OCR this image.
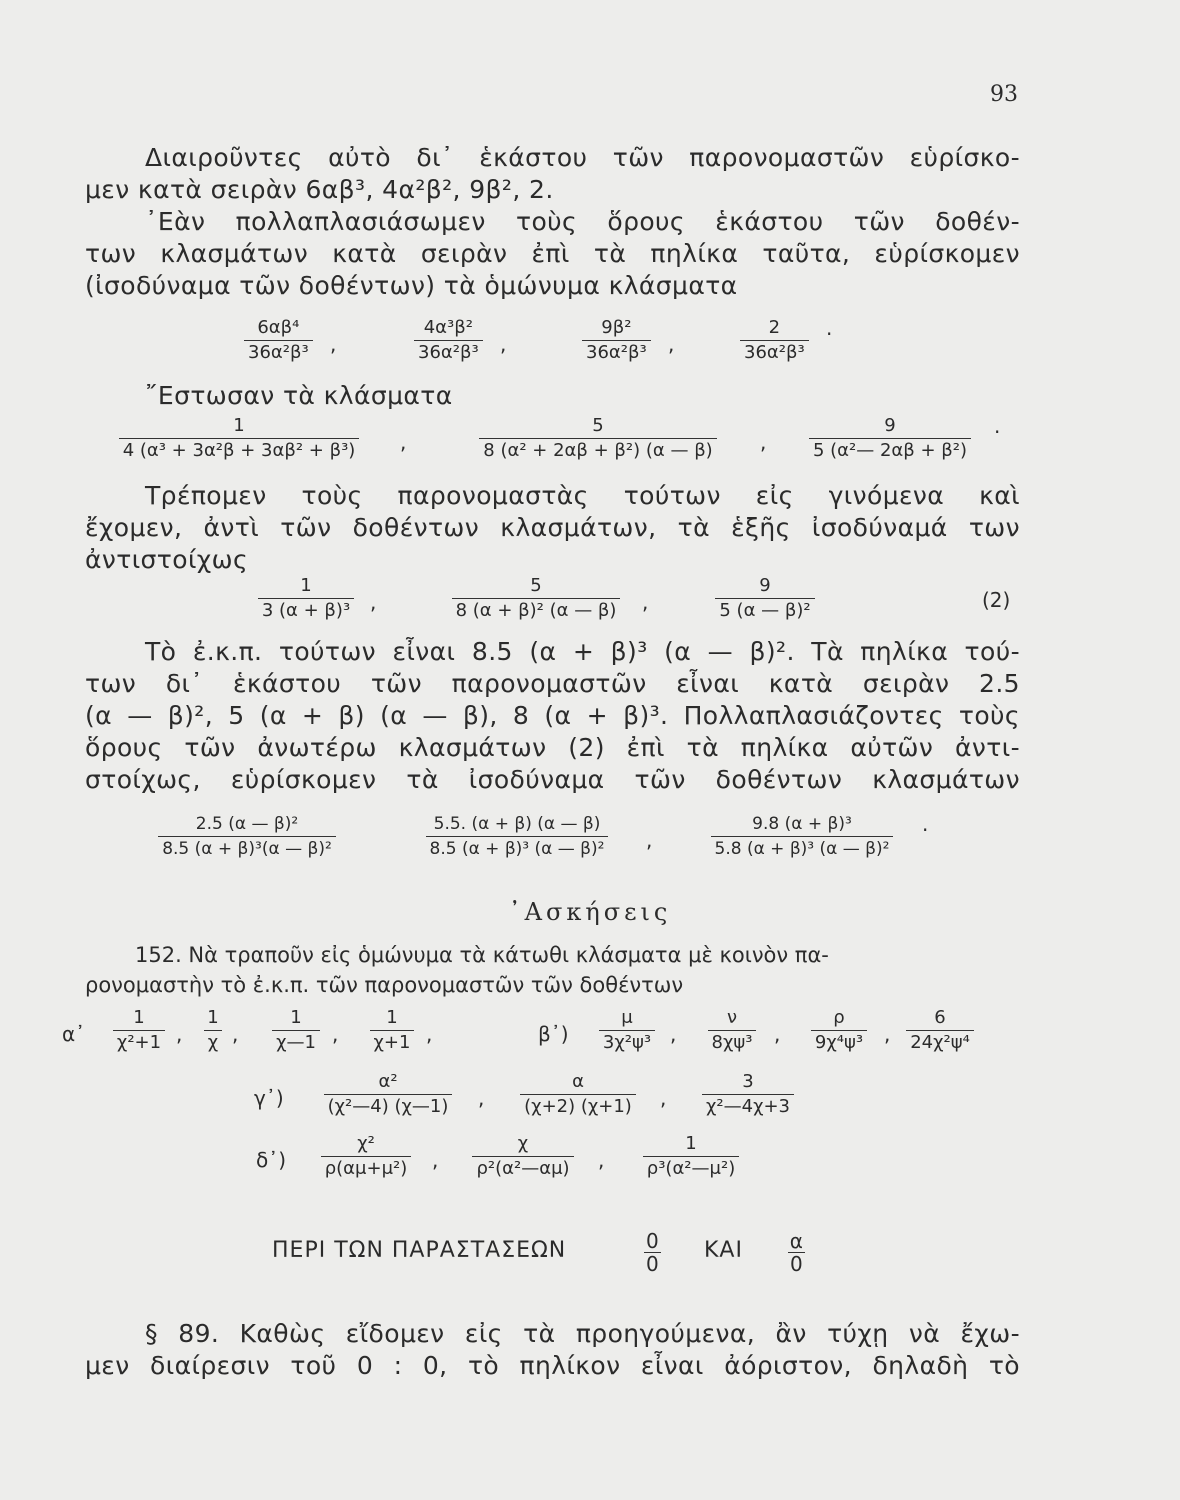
93

Διαιροῦντες αὐτὸ δι᾽ ἑκάστου τῶν παρονομαστῶν εὑρίσκο-

μεν κατὰ σειρὰν 6αβ³, 4α²β², 9β², 2.

᾽Εὰν πολλαπλασιάσωμεν τοὺς ὅρους ἑκάστου τῶν δοθέν-
των κλασμάτων κατὰ σειρὰν ἐπὶ τὰ πηλίκα ταῦτα, εὑρίσκομεν
(ἰσοδύναμα τῶν δοθέντων) τὰ ὁμώνυμα κλάσματα

$\frac{\text{6αβ⁴}}{\text{36α²β³}}$ ,	$\frac{\text{4α³β²}}{\text{36α²β³}}$ ,	$\frac{\text{9β²}}{\text{36α²β³}}$ ,	$\frac{2}{\text{36α²β³}}$ .

῎Εστωσαν τὰ κλάσματα

$\frac{1}{\text{4 (α³ + 3α²β + 3αβ² + β³)}}$ , $\frac{5}{\text{8 (α² + 2αβ + β²) (α — β)}}$ , $\frac{9}{\text{5 (α²— 2αβ + β²)}}$ .

Τρέπομεν τοὺς παρονομαστὰς τούτων εἰς γινόμενα καὶ
ἔχομεν, ἀντὶ τῶν δοθέντων κλασμάτων, τὰ ἑξῆς ἰσοδύναμά των
ἀντιστοίχως

$\frac{1}{\text{3 (α + β)³}}$ ,	$\frac{5}{\text{8 (α + β)² (α — β)}}$ ,	$\frac{9}{\text{5 (α — β)²}}$	(2)

Τὸ ἐ.κ.π. τούτων εἶναι 8.5 (α + β)³ (α — β)². Τὰ πηλίκα τού-
των δι᾽ ἑκάστου τῶν παρονομαστῶν εἶναι κατὰ σειρὰν 2.5
(α — β)², 5 (α + β) (α — β), 8 (α + β)³. Πολλαπλασιάζοντες τοὺς
ὅρους τῶν ἀνωτέρω κλασμάτων (2) ἐπὶ τὰ πηλίκα αὐτῶν ἀντι-
στοίχως, εὑρίσκομεν τὰ ἰσοδύναμα τῶν δοθέντων κλασμάτων

$\frac{\text{2.5 (α — β)²}}{\text{8.5 (α + β)³(α — β)²}} \frac{5.5. (\alpha + \beta) (\alpha — \beta)}{\text{8.5 (α + β)³ (α — β)²}}$ , $\frac{\text{9.8 (α + β)³}}{\text{5.8 (α + β)³ (α — β)²}}$ .
᾽Ασκήσεις

152. Νὰ τραποῦν εἰς ὁμώνυμα τὰ κάτωθι κλάσματα μὲ κοινὸν πα-
ρονομαστὴν τὸ ἐ.κ.π. τῶν παρονομαστῶν τῶν δοθέντων

α᾽ $\frac{1}{\text{χ²+1}}$ , $\frac{1}{\chi}$ , $\frac{1}{\chi—1}$ , $\frac{1}{\chi+1}$ ,	β᾽) $\frac{\mu}{\text{3χ²ψ³}}$ , $\frac{\nu}{\text{8χψ³}}$ , $\frac{\rho}{\text{9χ⁴ψ³}}$ , $\frac{6}{\text{24χ²ψ⁴}}$
γ᾽) $\frac{\text{α²}}{\text{(χ²—4) (χ—1)}}$ , $\frac{\alpha}{(\chi+2) (\chi+1)}$ , $\frac{3}{\text{χ²—4χ+3}}$
δ᾽) $\frac{\text{χ²}}{\text{ρ(αμ+μ²)}}$ , $\frac{\chi}{\text{ρ²(α²—αμ)}}$ , $\frac{1}{\text{ρ³(α²—μ²)}}$
ΠΕΡΙ ΤΩΝ ΠΑΡΑΣΤΑΣΕΩΝ	$\frac{0}{0}$ ΚΑΙ $\frac{\alpha}{0}$

§ 89. Καθὼς εἴδομεν εἰς τὰ προηγούμενα, ἂν τύχῃ νὰ ἔχω-
μεν διαίρεσιν τοῦ 0 : 0, τὸ πηλίκον εἶναι ἀόριστον, δηλαδὴ τὸ
